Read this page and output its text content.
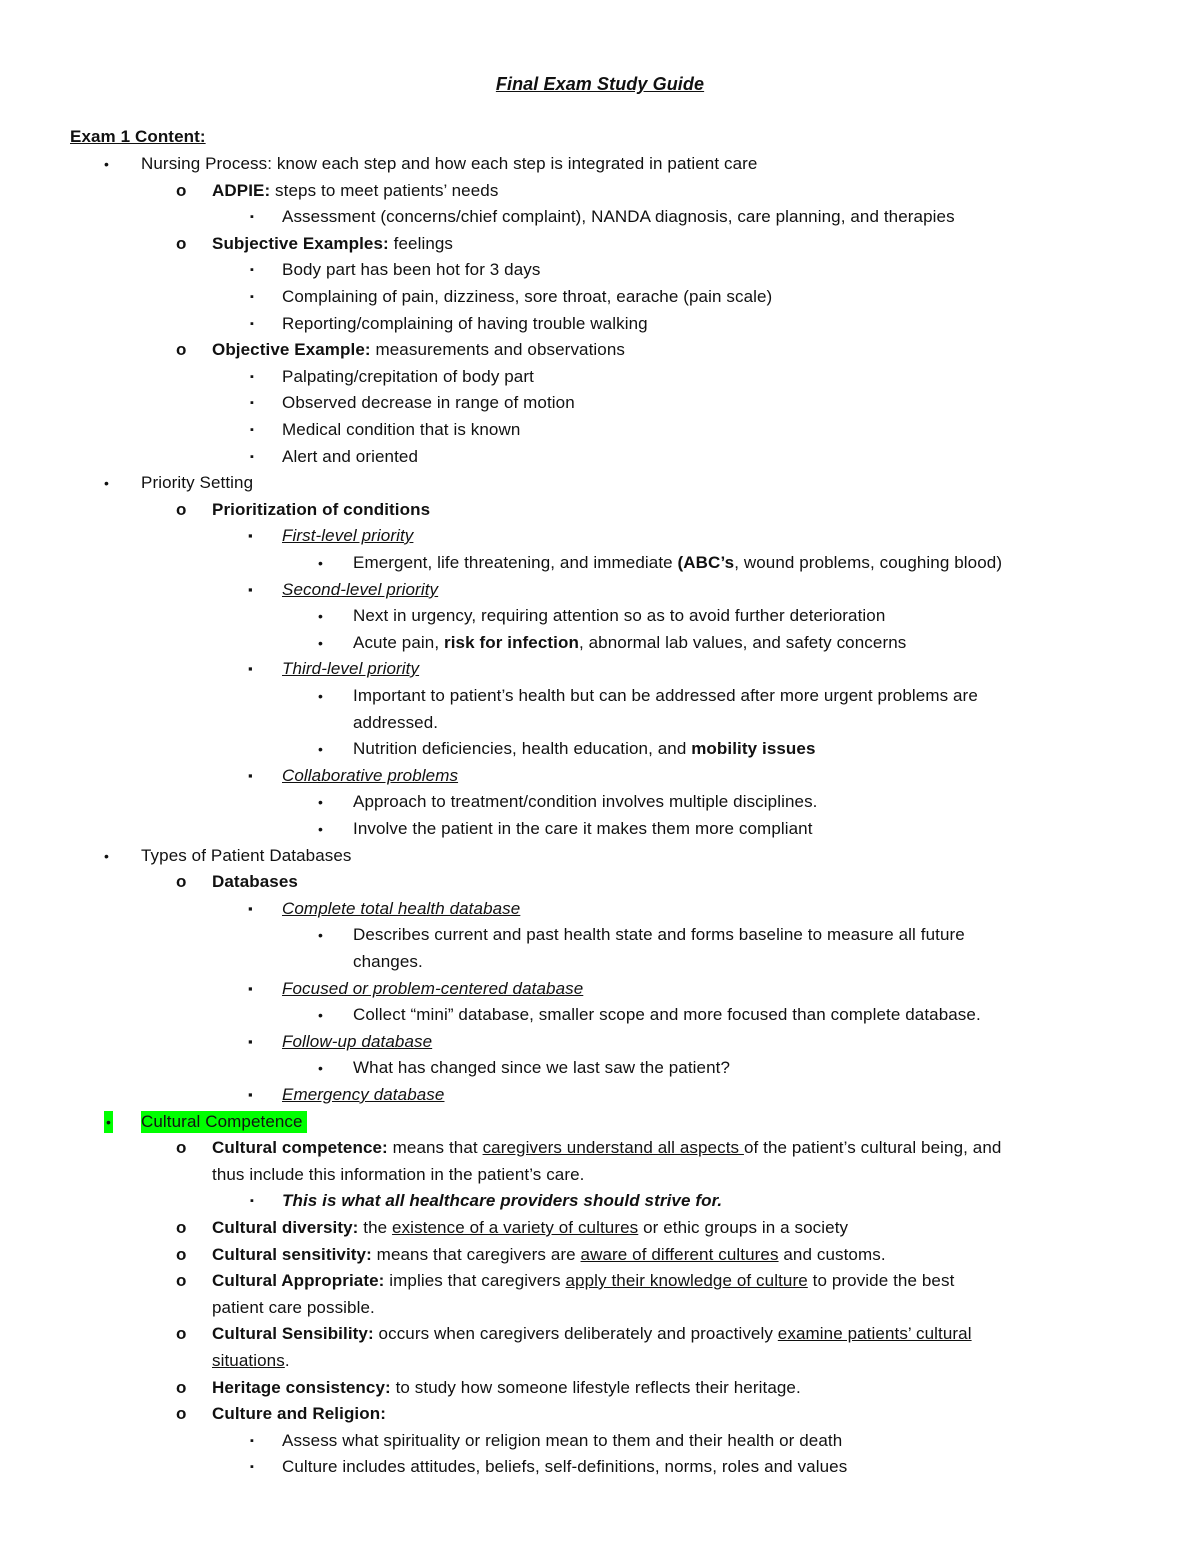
Final Exam Study Guide
Exam 1 Content:
• Nursing Process: know each step and how each step is integrated in patient care
o ADPIE: steps to meet patients’ needs
▪ Assessment (concerns/chief complaint), NANDA diagnosis, care planning, and therapies
o Subjective Examples: feelings
▪ Body part has been hot for 3 days
▪ Complaining of pain, dizziness, sore throat, earache (pain scale)
▪ Reporting/complaining of having trouble walking
o Objective Example: measurements and observations
▪ Palpating/crepitation of body part
▪ Observed decrease in range of motion
▪ Medical condition that is known
▪ Alert and oriented
• Priority Setting
o Prioritization of conditions
▪ First-level priority
• Emergent, life threatening, and immediate (ABC’s, wound problems, coughing blood)
▪ Second-level priority
• Next in urgency, requiring attention so as to avoid further deterioration
• Acute pain, risk for infection, abnormal lab values, and safety concerns
▪ Third-level priority
• Important to patient’s health but can be addressed after more urgent problems are
addressed.
• Nutrition deficiencies, health education, and mobility issues
▪ Collaborative problems
• Approach to treatment/condition involves multiple disciplines.
• Involve the patient in the care it makes them more compliant
• Types of Patient Databases
o Databases
▪ Complete total health database
• Describes current and past health state and forms baseline to measure all future
changes.
▪ Focused or problem-centered database
• Collect “mini” database, smaller scope and more focused than complete database.
▪ Follow-up database
• What has changed since we last saw the patient?
▪ Emergency database
• Cultural Competence
o Cultural competence: means that caregivers understand all aspects of the patient’s cultural being, and
thus include this information in the patient’s care.
▪ This is what all healthcare providers should strive for.
o Cultural diversity: the existence of a variety of cultures or ethic groups in a society
o Cultural sensitivity: means that caregivers are aware of different cultures and customs.
o Cultural Appropriate: implies that caregivers apply their knowledge of culture to provide the best
patient care possible.
o Cultural Sensibility: occurs when caregivers deliberately and proactively examine patients’ cultural
situations.
o Heritage consistency: to study how someone lifestyle reflects their heritage.
o Culture and Religion:
▪ Assess what spirituality or religion mean to them and their health or death
▪ Culture includes attitudes, beliefs, self-definitions, norms, roles and values
